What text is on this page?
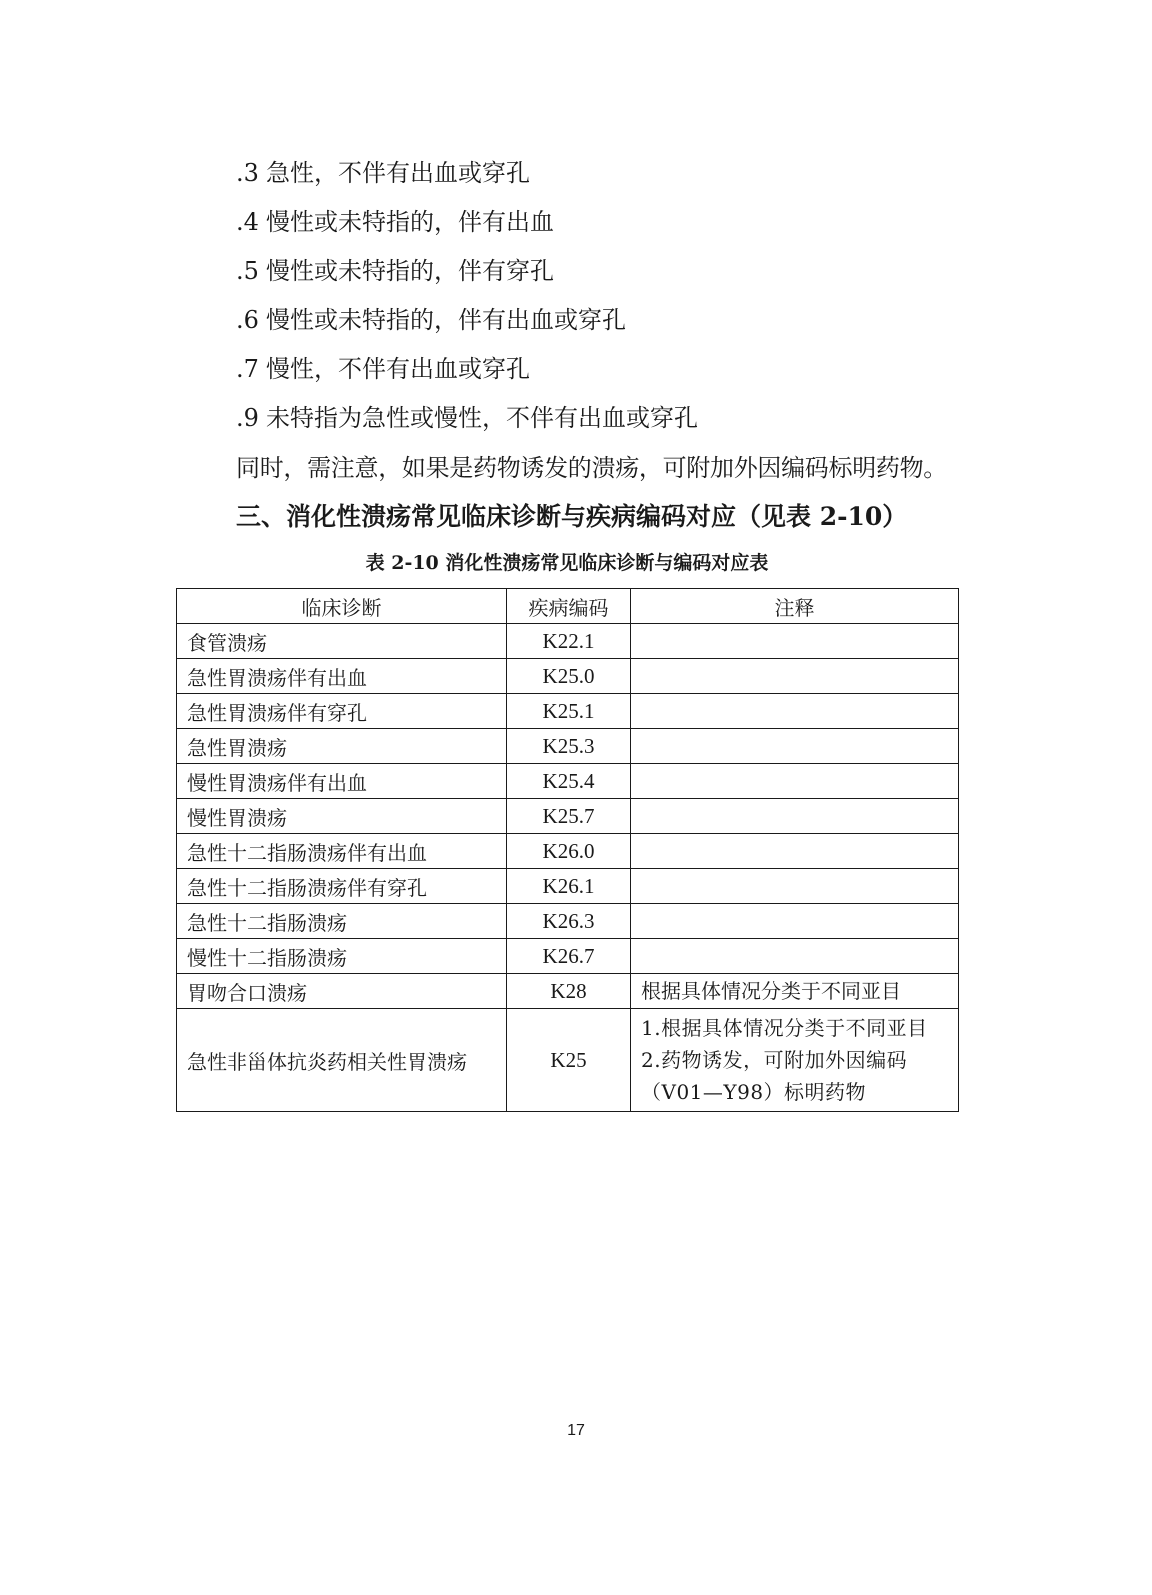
.3 急性，不伴有出血或穿孔
.4 慢性或未特指的，伴有出血
.5 慢性或未特指的，伴有穿孔
.6 慢性或未特指的，伴有出血或穿孔
.7 慢性，不伴有出血或穿孔
.9 未特指为急性或慢性，不伴有出血或穿孔
同时，需注意，如果是药物诱发的溃疡，可附加外因编码标明药物。
三、消化性溃疡常见临床诊断与疾病编码对应（见表 2-10）
表 2-10 消化性溃疡常见临床诊断与编码对应表
临床诊断	疾病编码	注释
食管溃疡	K22.1	
急性胃溃疡伴有出血	K25.0	
急性胃溃疡伴有穿孔	K25.1	
急性胃溃疡	K25.3	
慢性胃溃疡伴有出血	K25.4	
慢性胃溃疡	K25.7	
急性十二指肠溃疡伴有出血	K26.0	
急性十二指肠溃疡伴有穿孔	K26.1	
急性十二指肠溃疡	K26.3	
慢性十二指肠溃疡	K26.7	
胃吻合口溃疡	K28	根据具体情况分类于不同亚目
急性非甾体抗炎药相关性胃溃疡	K25	1.根据具体情况分类于不同亚目
2.药物诱发，可附加外因编码
（V01—Y98）标明药物
17
